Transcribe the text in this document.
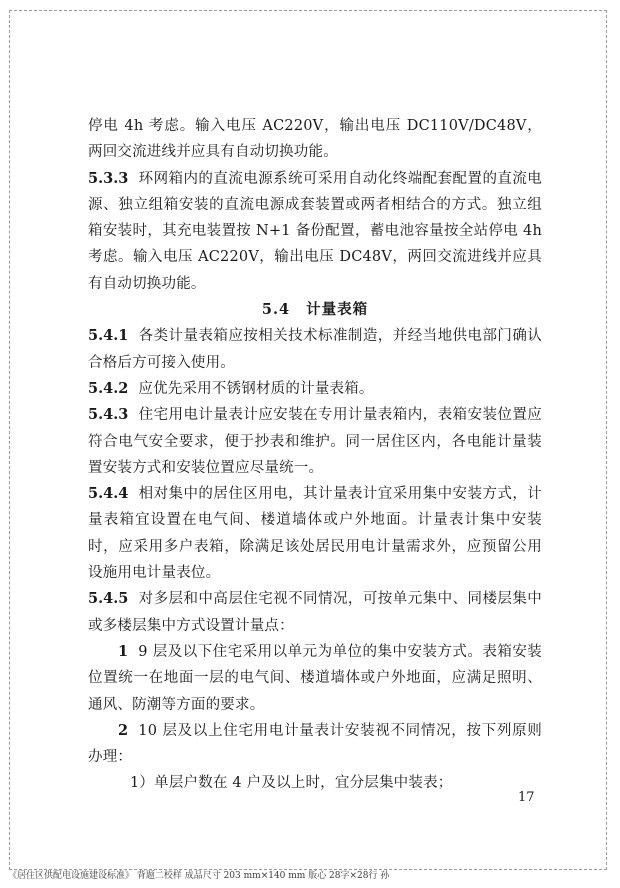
停电 4h 考虑。输入电压 AC220V，输出电压 DC110V/DC48V，两回交流进线并应具有自动切换功能。

5.3.3 环网箱内的直流电源系统可采用自动化终端配套配置的直流电源、独立组箱安装的直流电源成套装置或两者相结合的方式。独立组箱安装时，其充电装置按 N+1 备份配置，蓄电池容量按全站停电 4h 考虑。输入电压 AC220V，输出电压 DC48V，两回交流进线并应具有自动切换功能。

5.4 计量表箱

5.4.1 各类计量表箱应按相关技术标准制造，并经当地供电部门确认合格后方可接入使用。

5.4.2 应优先采用不锈钢材质的计量表箱。

5.4.3 住宅用电计量表计应安装在专用计量表箱内，表箱安装位置应符合电气安全要求，便于抄表和维护。同一居住区内，各电能计量装置安装方式和安装位置应尽量统一。

5.4.4 相对集中的居住区用电，其计量表计宜采用集中安装方式，计量表箱宜设置在电气间、楼道墙体或户外地面。计量表计集中安装时，应采用多户表箱，除满足该处居民用电计量需求外，应预留公用设施用电计量表位。

5.4.5 对多层和中高层住宅视不同情况，可按单元集中、同楼层集中或多楼层集中方式设置计量点：

1 9 层及以下住宅采用以单元为单位的集中安装方式。表箱安装位置统一在地面一层的电气间、楼道墙体或户外地面，应满足照明、通风、防潮等方面的要求。

2 10 层及以上住宅用电计量表计安装视不同情况，按下列原则办理：

1）单层户数在 4 户及以上时，宜分层集中装表；

17
《居住区供配电设施建设标准》 背题二校样 成品尺寸 203 mm×140 mm 版心 28字×28行 孙
